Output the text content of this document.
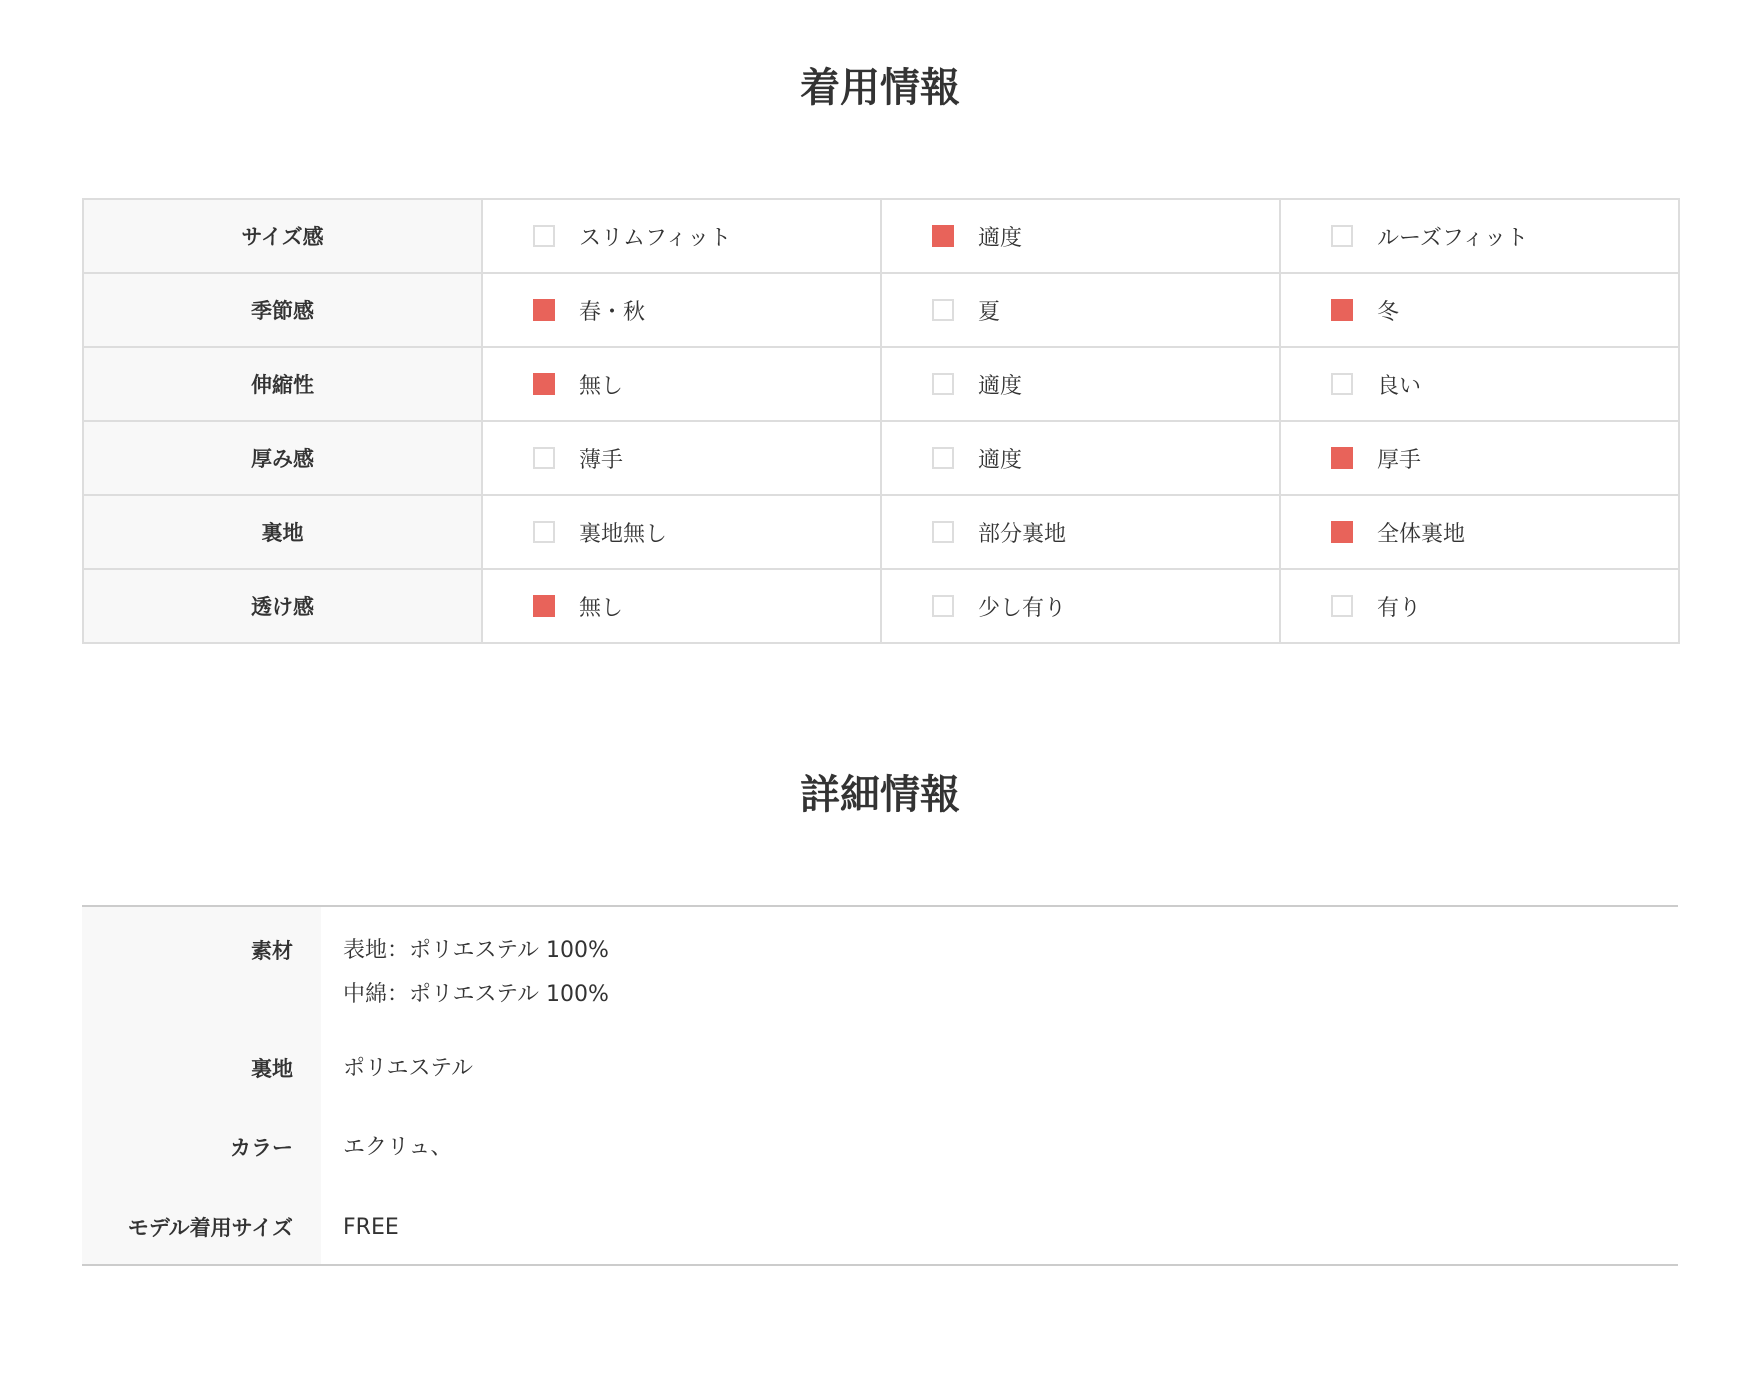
着用情報
サイズ感	スリムフィット	適度	ルーズフィット

季節感	春・秋	夏	冬

伸縮性	無し	適度	良い

厚み感	薄手	適度	厚手

裏地	裏地無し	部分裏地	全体裏地

透け感	無し	少し有り	有り
詳細情報
素材 表地：ポリエステル 100%
中綿：ポリエステル 100%
裏地 ポリエステル
カラー エクリュ、
モデル着用サイズ FREE
